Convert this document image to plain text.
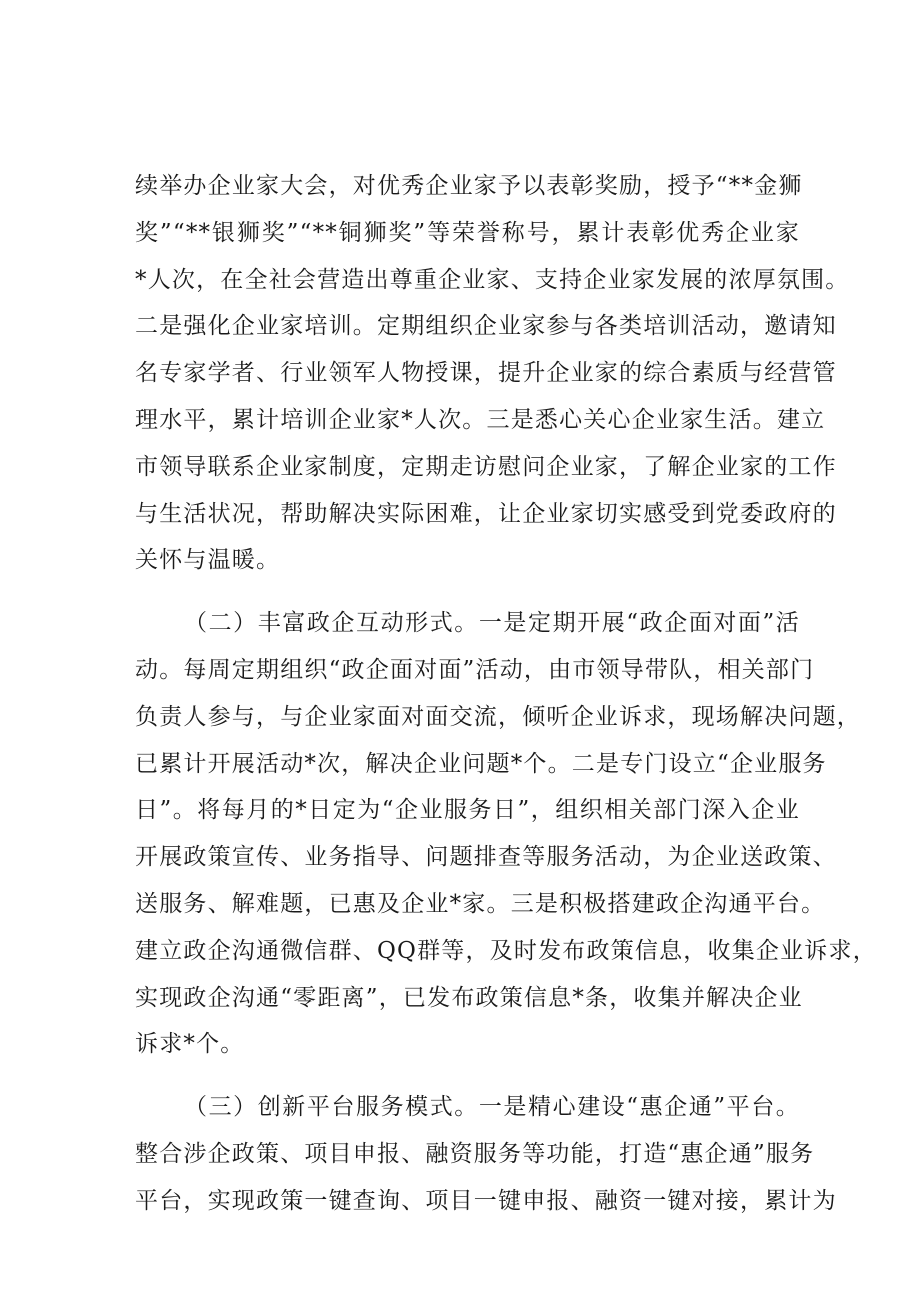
续举办企业家大会，对优秀企业家予以表彰奖励，授予“**金狮
奖”“**银狮奖”“**铜狮奖”等荣誉称号，累计表彰优秀企业家
*人次，在全社会营造出尊重企业家、支持企业家发展的浓厚氛围。
二是强化企业家培训。定期组织企业家参与各类培训活动，邀请知
名专家学者、行业领军人物授课，提升企业家的综合素质与经营管
理水平，累计培训企业家*人次。三是悉心关心企业家生活。建立
市领导联系企业家制度，定期走访慰问企业家，了解企业家的工作
与生活状况，帮助解决实际困难，让企业家切实感受到党委政府的
关怀与温暖。
（二）丰富政企互动形式。一是定期开展“政企面对面”活
动。每周定期组织“政企面对面”活动，由市领导带队，相关部门
负责人参与，与企业家面对面交流，倾听企业诉求，现场解决问题，
已累计开展活动*次，解决企业问题*个。二是专门设立“企业服务
日”。将每月的*日定为“企业服务日”，组织相关部门深入企业
开展政策宣传、业务指导、问题排查等服务活动，为企业送政策、
送服务、解难题，已惠及企业*家。三是积极搭建政企沟通平台。
建立政企沟通微信群、QQ群等，及时发布政策信息，收集企业诉求，
实现政企沟通“零距离”，已发布政策信息*条，收集并解决企业
诉求*个。
（三）创新平台服务模式。一是精心建设“惠企通”平台。
整合涉企政策、项目申报、融资服务等功能，打造“惠企通”服务
平台，实现政策一键查询、项目一键申报、融资一键对接，累计为
